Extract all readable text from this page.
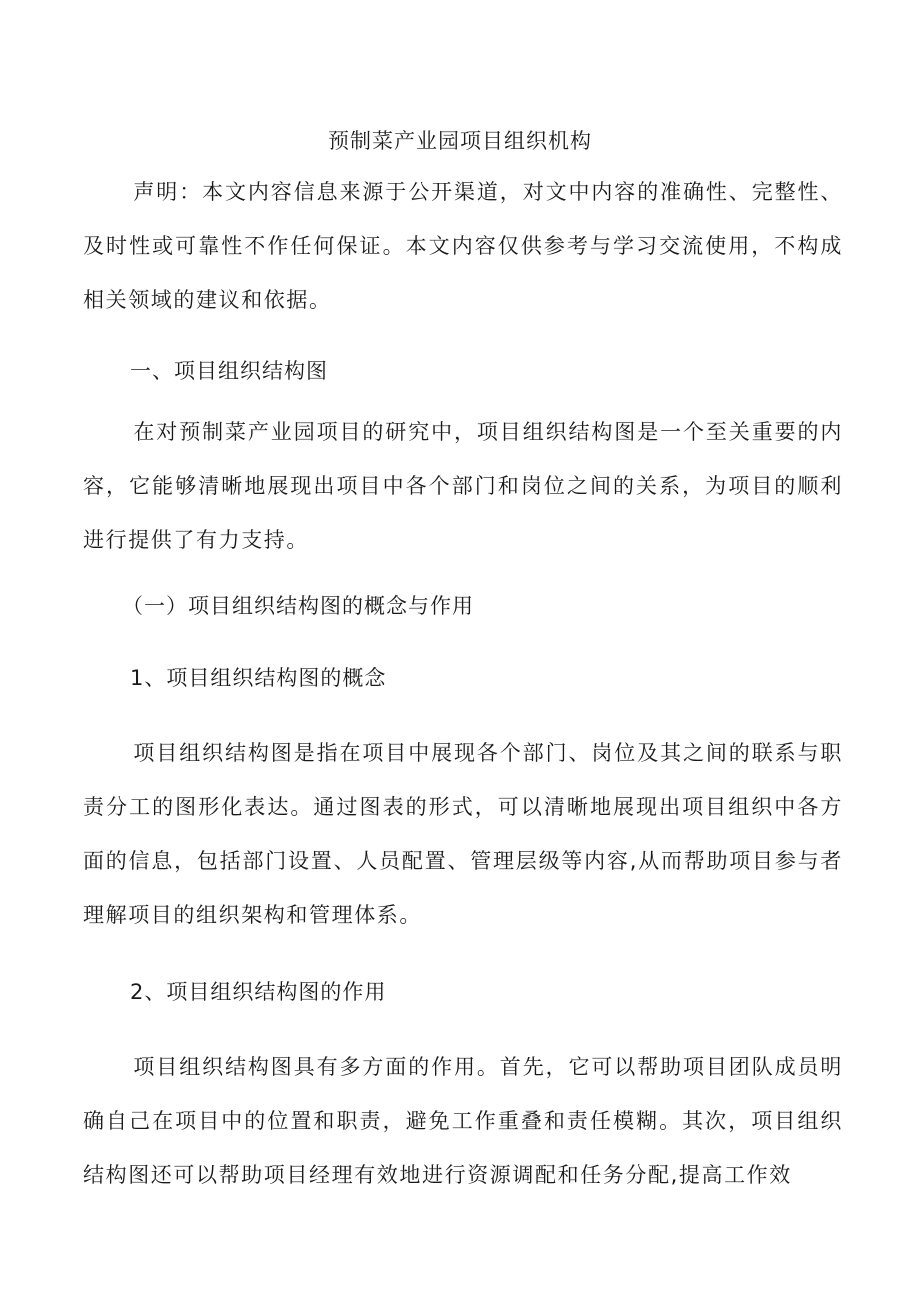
预制菜产业园项目组织机构
声明：本文内容信息来源于公开渠道，对文中内容的准确性、完整性、及时性或可靠性不作任何保证。本文内容仅供参考与学习交流使用，不构成相关领域的建议和依据。
一、项目组织结构图
在对预制菜产业园项目的研究中，项目组织结构图是一个至关重要的内容，它能够清晰地展现出项目中各个部门和岗位之间的关系，为项目的顺利进行提供了有力支持。
（一）项目组织结构图的概念与作用
1、项目组织结构图的概念
项目组织结构图是指在项目中展现各个部门、岗位及其之间的联系与职责分工的图形化表达。通过图表的形式，可以清晰地展现出项目组织中各方面的信息，包括部门设置、人员配置、管理层级等内容,从而帮助项目参与者理解项目的组织架构和管理体系。
2、项目组织结构图的作用
项目组织结构图具有多方面的作用。首先，它可以帮助项目团队成员明确自己在项目中的位置和职责，避免工作重叠和责任模糊。其次，项目组织结构图还可以帮助项目经理有效地进行资源调配和任务分配,提高工作效
